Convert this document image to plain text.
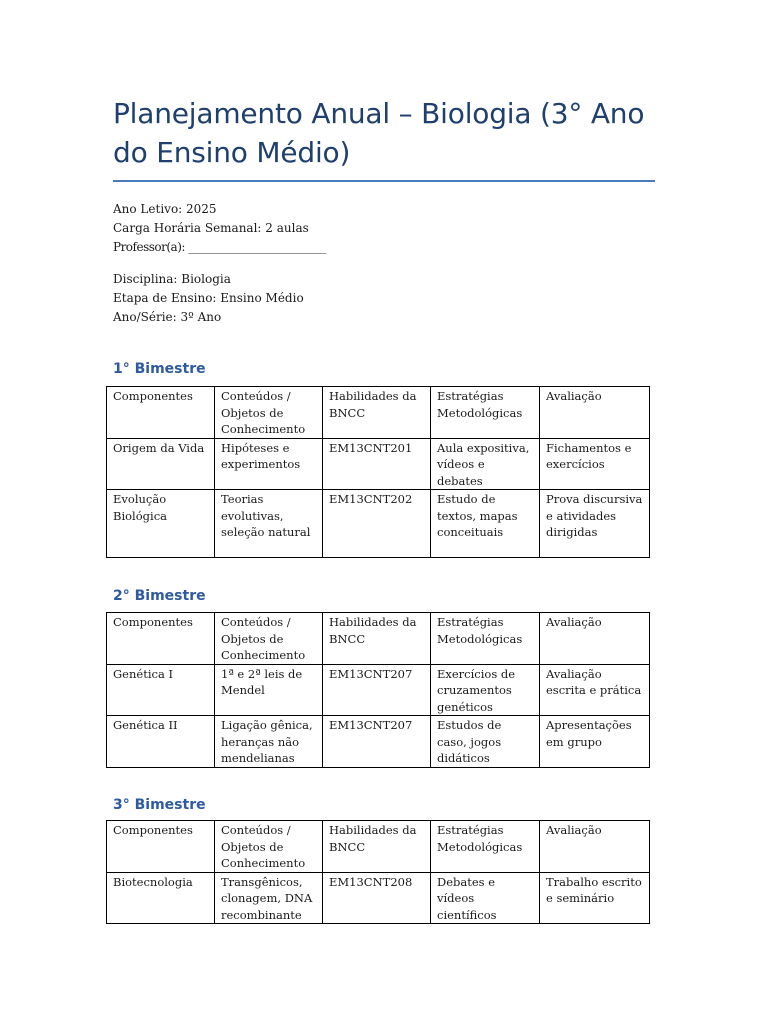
Planejamento Anual – Biologia (3° Ano do Ensino Médio)
Ano Letivo: 2025
Carga Horária Semanal: 2 aulas
Professor(a): _________________________
Disciplina: Biologia
Etapa de Ensino: Ensino Médio
Ano/Série: 3º Ano
1° Bimestre
Componentes	Conteúdos / Objetos de Conhecimento	Habilidades da BNCC	Estratégias Metodológicas	Avaliação
Origem da Vida	Hipóteses e experimentos	EM13CNT201	Aula expositiva, vídeos e debates	Fichamentos e exercícios
Evolução Biológica	Teorias evolutivas, seleção natural	EM13CNT202	Estudo de textos, mapas conceituais	Prova discursiva e atividades dirigidas
2° Bimestre
Componentes	Conteúdos / Objetos de Conhecimento	Habilidades da BNCC	Estratégias Metodológicas	Avaliação
Genética I	1ª e 2ª leis de Mendel	EM13CNT207	Exercícios de cruzamentos genéticos	Avaliação escrita e prática
Genética II	Ligação gênica, heranças não mendelianas	EM13CNT207	Estudos de caso, jogos didáticos	Apresentações em grupo
3° Bimestre
Componentes	Conteúdos / Objetos de Conhecimento	Habilidades da BNCC	Estratégias Metodológicas	Avaliação
Biotecnologia	Transgênicos, clonagem, DNA recombinante	EM13CNT208	Debates e vídeos científicos	Trabalho escrito e seminário
